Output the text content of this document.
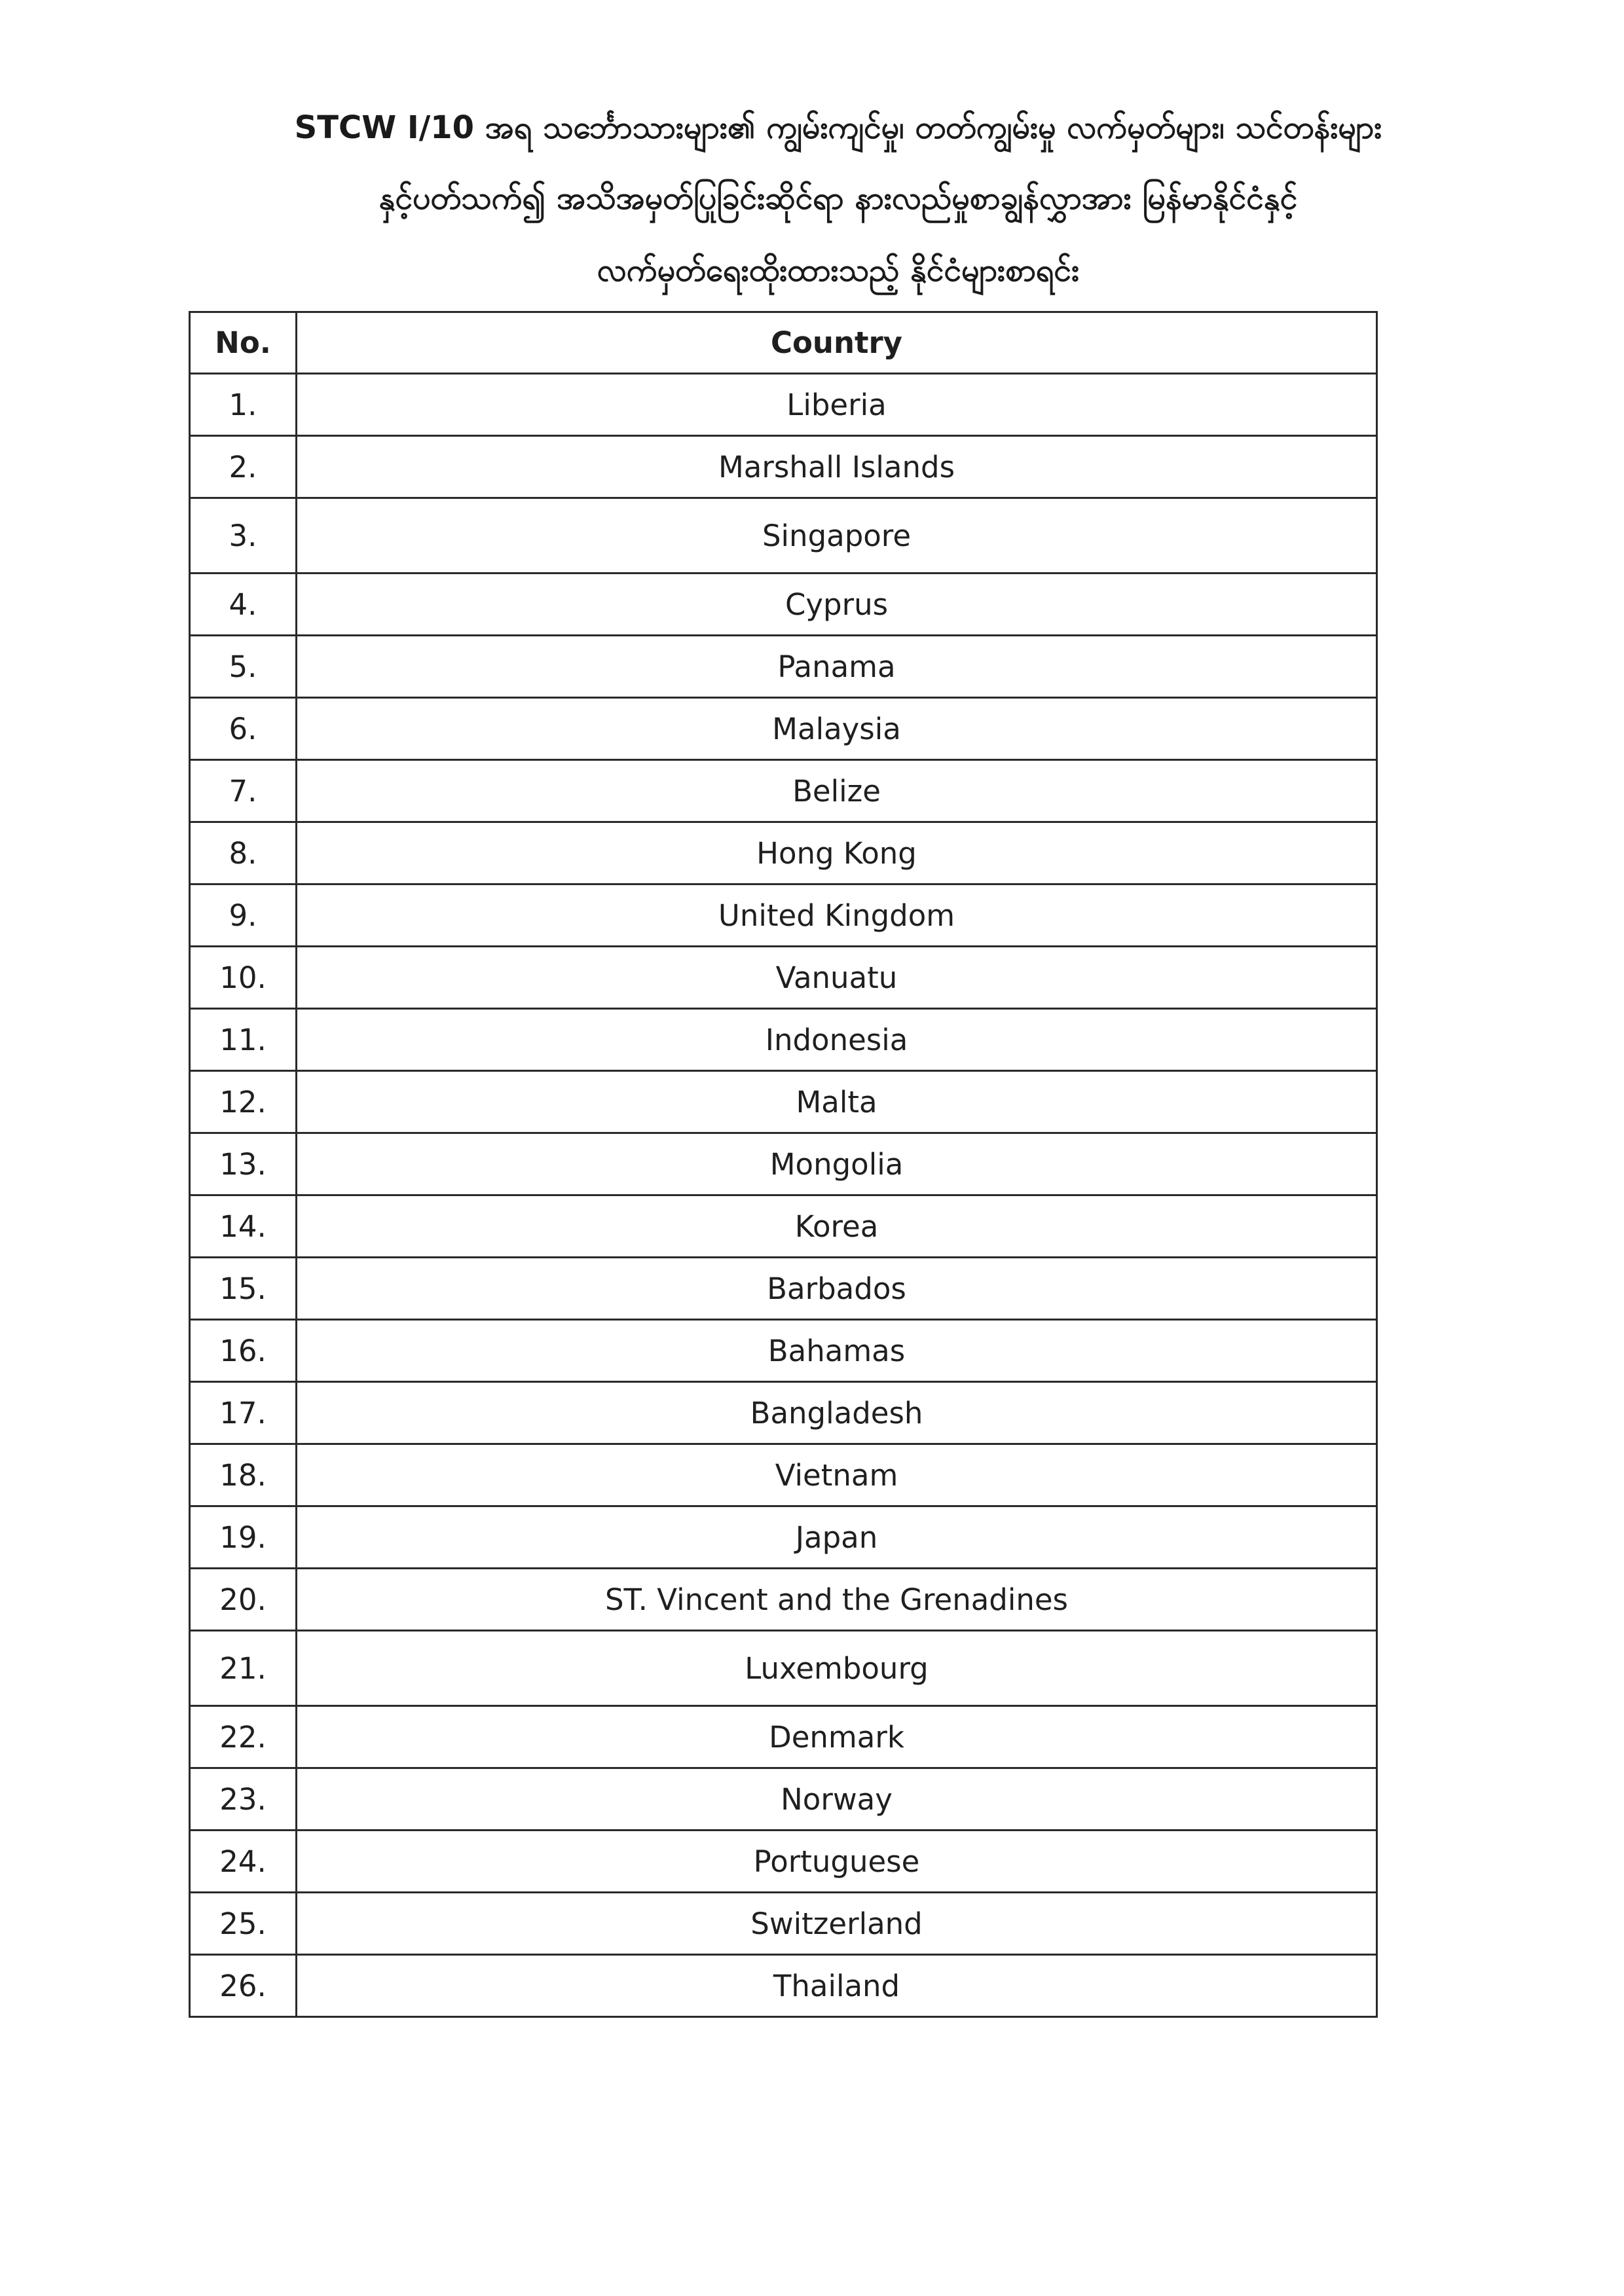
STCW I/10 အရ သင်္ဘောသားများ၏ ကျွမ်းကျင်မှု၊ တတ်ကျွမ်းမှု လက်မှတ်များ၊ သင်တန်းများ
နှင့်ပတ်သက်၍ အသိအမှတ်ပြုခြင်းဆိုင်ရာ နားလည်မှုစာချွန်လွှာအား မြန်မာနိုင်ငံနှင့်
လက်မှတ်ရေးထိုးထားသည့် နိုင်ငံများစာရင်း
No.	Country
1.	Liberia
2.	Marshall Islands
3.	Singapore
4.	Cyprus
5.	Panama
6.	Malaysia
7.	Belize
8.	Hong Kong
9.	United Kingdom
10.	Vanuatu
11.	Indonesia
12.	Malta
13.	Mongolia
14.	Korea
15.	Barbados
16.	Bahamas
17.	Bangladesh
18.	Vietnam
19.	Japan
20.	ST. Vincent and the Grenadines
21.	Luxembourg
22.	Denmark
23.	Norway
24.	Portuguese
25.	Switzerland
26.	Thailand
